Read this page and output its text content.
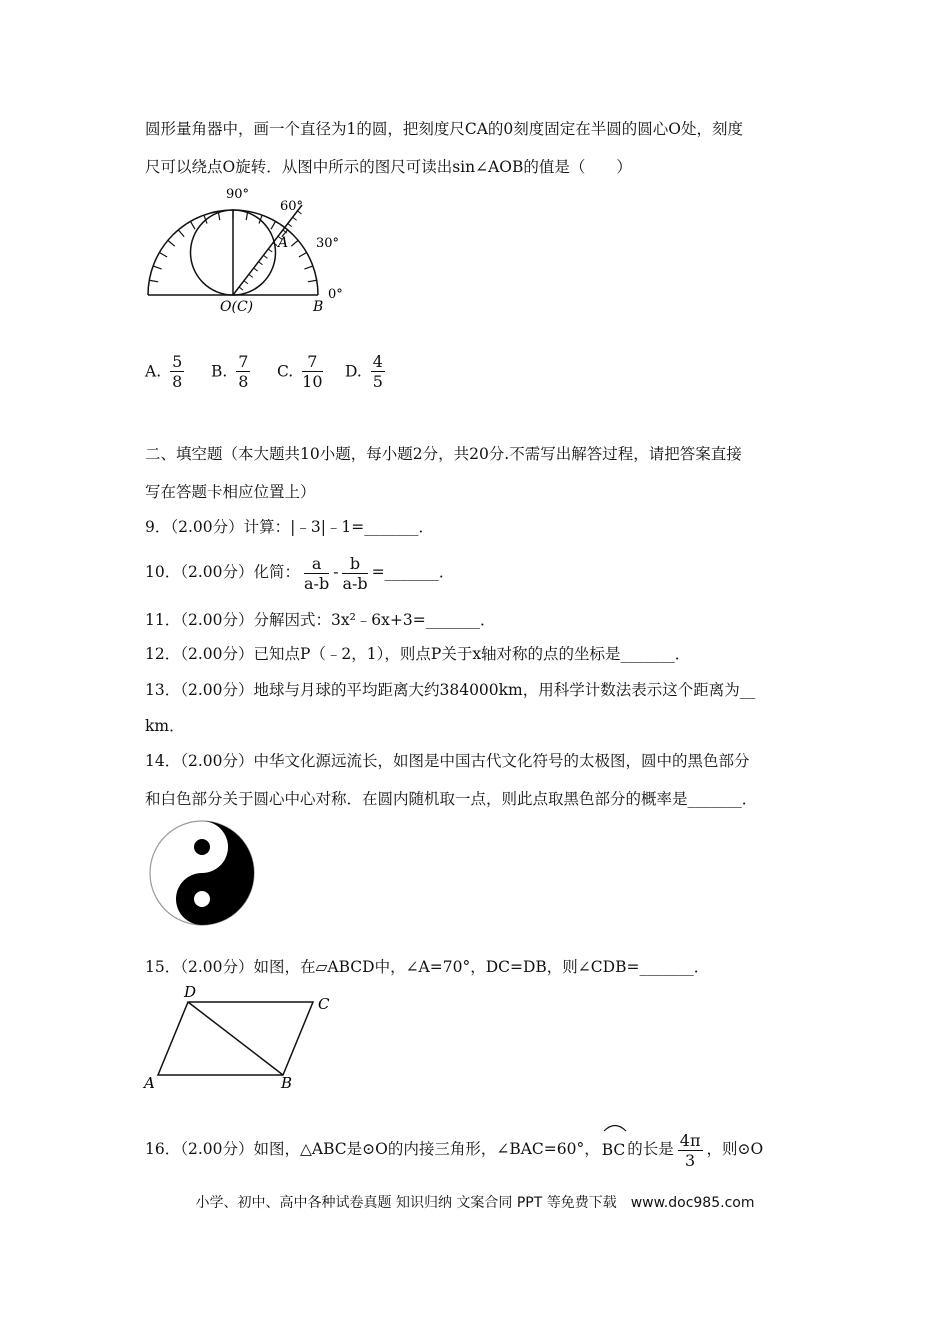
圆形量角器中，画一个直径为1的圆，把刻度尺CA的0刻度固定在半圆的圆心O处，刻度
尺可以绕点O旋转．从图中所示的图尺可读出sin∠AOB的值是（　　）
90°
60°
30°
0°
A
O(C)	B
A. $\frac{5}{8} B$. $\frac{7}{8} C$. $\frac{7}{10} D$. $\frac{4}{5}$
二、填空题（本大题共10小题，每小题2分，共20分.不需写出解答过程，请把答案直接
写在答题卡相应位置上）
9．（2.00分）计算：|﹣3|﹣1=_______．
10．（2.00分）化简： $\frac{a}{a-b} - \frac{b}{a-b}$ =_______．
11．（2.00分）分解因式：3x²﹣6x+3=_______．
12．（2.00分）已知点P（﹣2，1），则点P关于x轴对称的点的坐标是_______．
13．（2.00分）地球与月球的平均距离大约384000km，用科学计数法表示这个距离为__
km．
14．（2.00分）中华文化源远流长，如图是中国古代文化符号的太极图，圆中的黑色部分
和白色部分关于圆心中心对称．在圆内随机取一点，则此点取黑色部分的概率是_______．
15．（2.00分）如图，在▱ABCD中，∠A=70°，DC=DB，则∠CDB=_______．
D
C
A	B
16．（2.00分）如图，△ABC是⊙O的内接三角形，∠BAC=60°， BC 的长是 $\frac{4\pi}{3}$ ，则⊙O
小学、初中、高中各种试卷真题 知识归纳 文案合同 PPT 等免费下载　www.doc985.com
